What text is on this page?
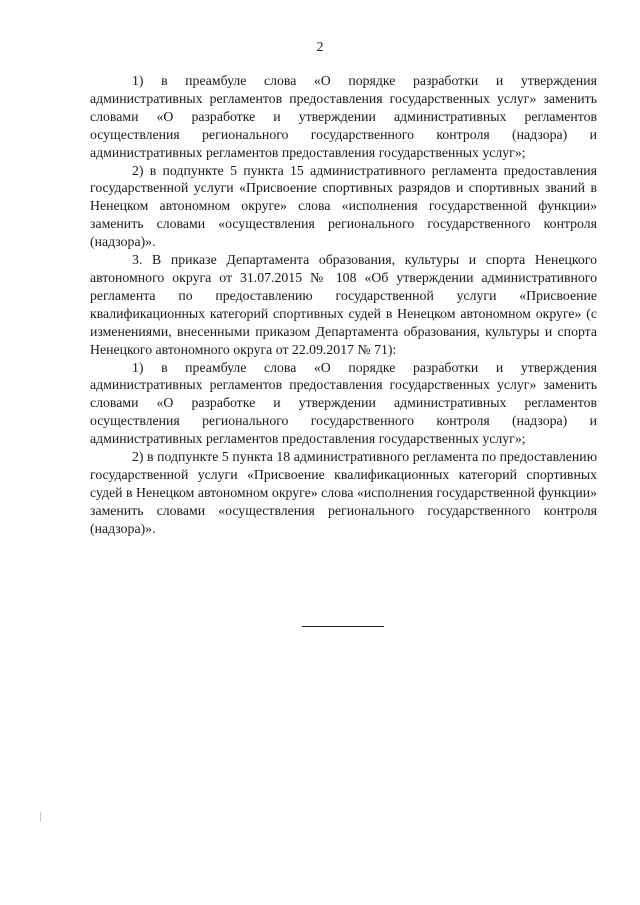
2

1) в преамбуле слова «О порядке разработки и утверждения административных регламентов предоставления государственных услуг» заменить словами «О разработке и утверждении административных регламентов осуществления регионального государственного контроля (надзора) и административных регламентов предоставления государственных услуг»;

2) в подпункте 5 пункта 15 административного регламента предоставления государственной услуги «Присвоение спортивных разрядов и спортивных званий в Ненецком автономном округе» слова «исполнения государственной функции» заменить словами «осуществления регионального государственного контроля (надзора)».

3. В приказе Департамента образования, культуры и спорта Ненецкого автономного округа от 31.07.2015 № 108 «Об утверждении административного регламента по предоставлению государственной услуги «Присвоение квалификационных категорий спортивных судей в Ненецком автономном округе» (с изменениями, внесенными приказом Департамента образования, культуры и спорта Ненецкого автономного округа от 22.09.2017 № 71):

1) в преамбуле слова «О порядке разработки и утверждения административных регламентов предоставления государственных услуг» заменить словами «О разработке и утверждении административных регламентов осуществления регионального государственного контроля (надзора) и административных регламентов предоставления государственных услуг»;

2) в подпункте 5 пункта 18 административного регламента по предоставлению государственной услуги «Присвоение квалификационных категорий спортивных судей в Ненецком автономном округе» слова «исполнения государственной функции» заменить словами «осуществления регионального государственного контроля (надзора)».
